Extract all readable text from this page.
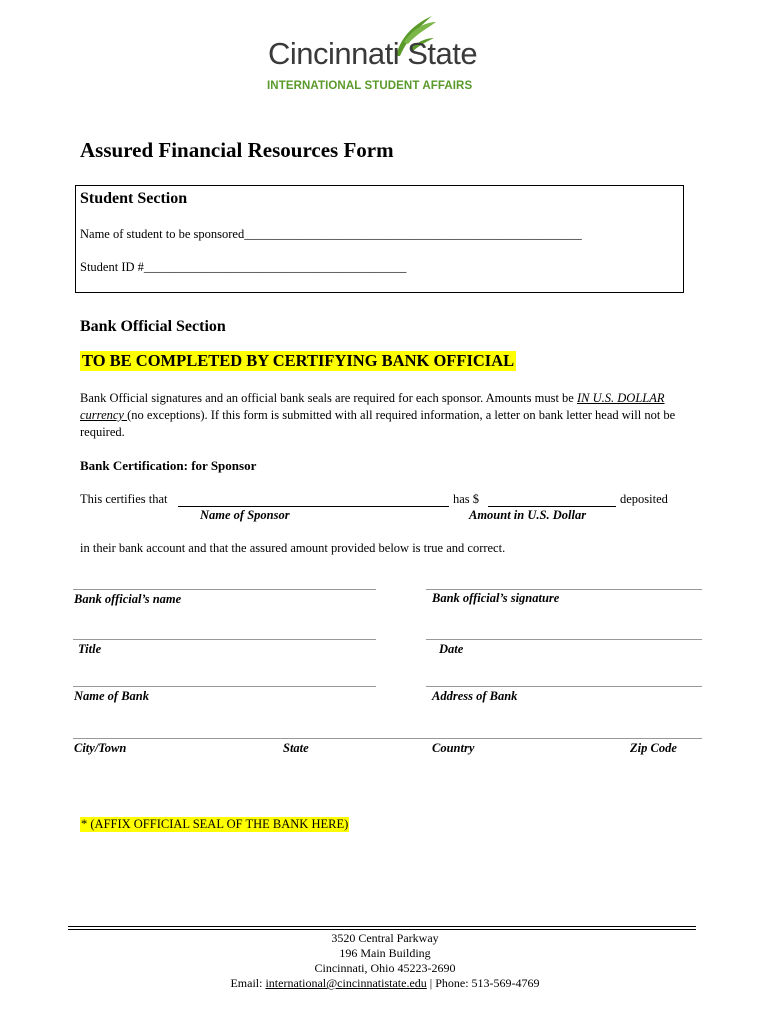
Cincinnati State
INTERNATIONAL STUDENT AFFAIRS
Assured Financial Resources Form
Student Section
Name of student to be sponsored______________________________________________________
Student ID #__________________________________________
Bank Official Section
TO BE COMPLETED BY CERTIFYING BANK OFFICIAL
Bank Official signatures and an official bank seals are required for each sponsor. Amounts must be IN U.S. DOLLAR currency (no exceptions). If this form is submitted with all required information, a letter on bank letter head will not be required.
Bank Certification: for Sponsor
This certifies that	has $	deposited
Name of Sponsor	Amount in U.S. Dollar
in their bank account and that the assured amount provided below is true and correct.
Bank official’s name	Bank official’s signature
Title	Date
Name of Bank	Address of Bank
City/Town	State	Country	Zip Code
* (AFFIX OFFICIAL SEAL OF THE BANK HERE)
3520 Central Parkway
196 Main Building
Cincinnati, Ohio 45223-2690
Email: international@cincinnatistate.edu | Phone: 513-569-4769
